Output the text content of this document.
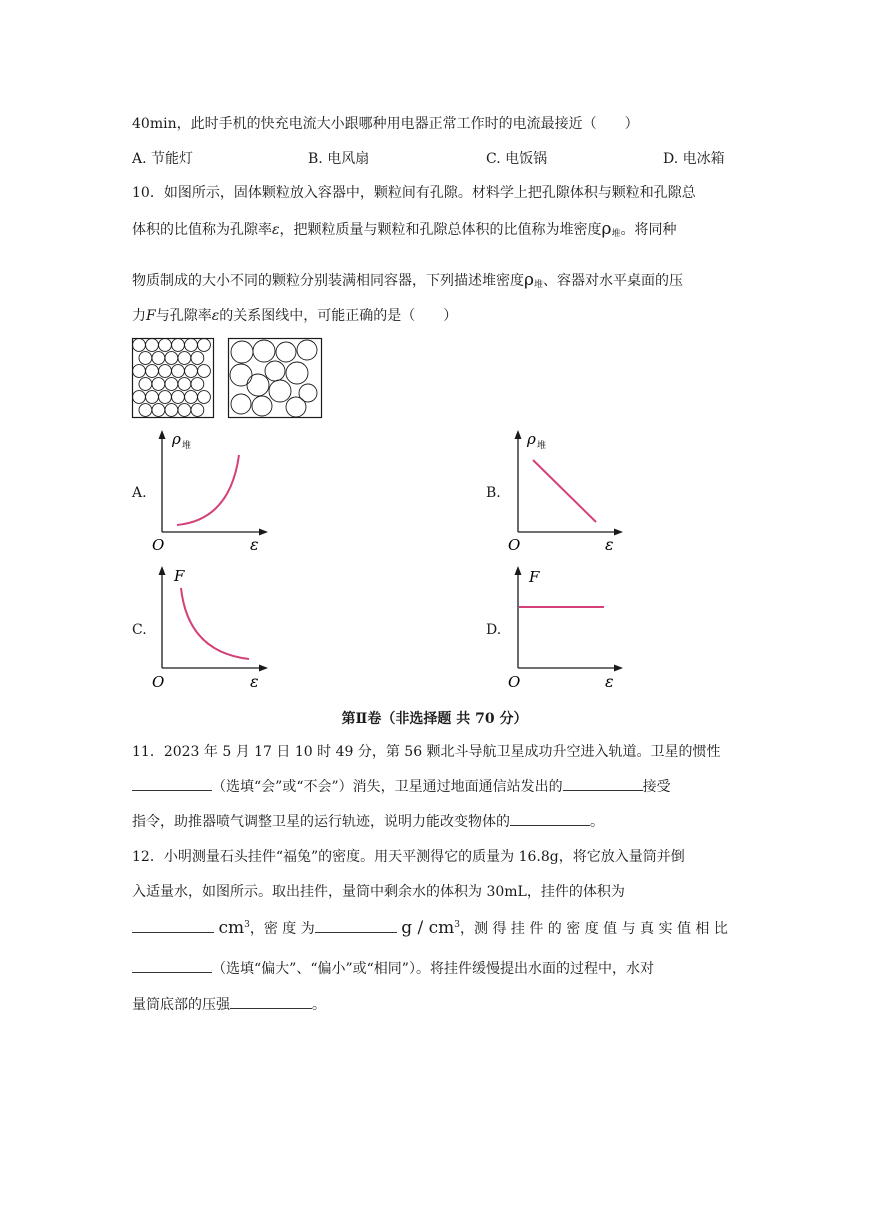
40min，此时手机的快充电流大小跟哪种用电器正常工作时的电流最接近（　　）
A. 节能灯	B. 电风扇	C. 电饭锅	D. 电冰箱
10．如图所示，固体颗粒放入容器中，颗粒间有孔隙。材料学上把孔隙体积与颗粒和孔隙总
体积的比值称为孔隙率ε，把颗粒质量与颗粒和孔隙总体积的比值称为堆密度$\rho_堆$。将同种
物质制成的大小不同的颗粒分别装满相同容器，下列描述堆密度$\rho_堆$、容器对水平桌面的压
力F与孔隙率ε的关系图线中，可能正确的是（　　）
A.
ρ 堆
O	ε
B.
ρ 堆
O	ε
C.
F
O	ε
D.
F
O	ε
第Ⅱ卷（非选择题 共 70 分）
11．2023 年 5 月 17 日 10 时 49 分，第 56 颗北斗导航卫星成功升空进入轨道。卫星的惯性
（选填“会”或“不会”）消失，卫星通过地面通信站发出的	接受
指令，助推器喷气调整卫星的运行轨迹，说明力能改变物体的	。
12．小明测量石头挂件“福兔”的密度。用天平测得它的质量为 16.8g，将它放入量筒并倒
入适量水，如图所示。取出挂件，量筒中剩余水的体积为 30mL，挂件的体积为
$cm^3$，密 度 为	g / $cm^3$，测 得 挂 件 的 密 度 值 与 真 实 值 相 比
（选填“偏大”、“偏小”或“相同”）。将挂件缓慢提出水面的过程中，水对
量筒底部的压强	。
